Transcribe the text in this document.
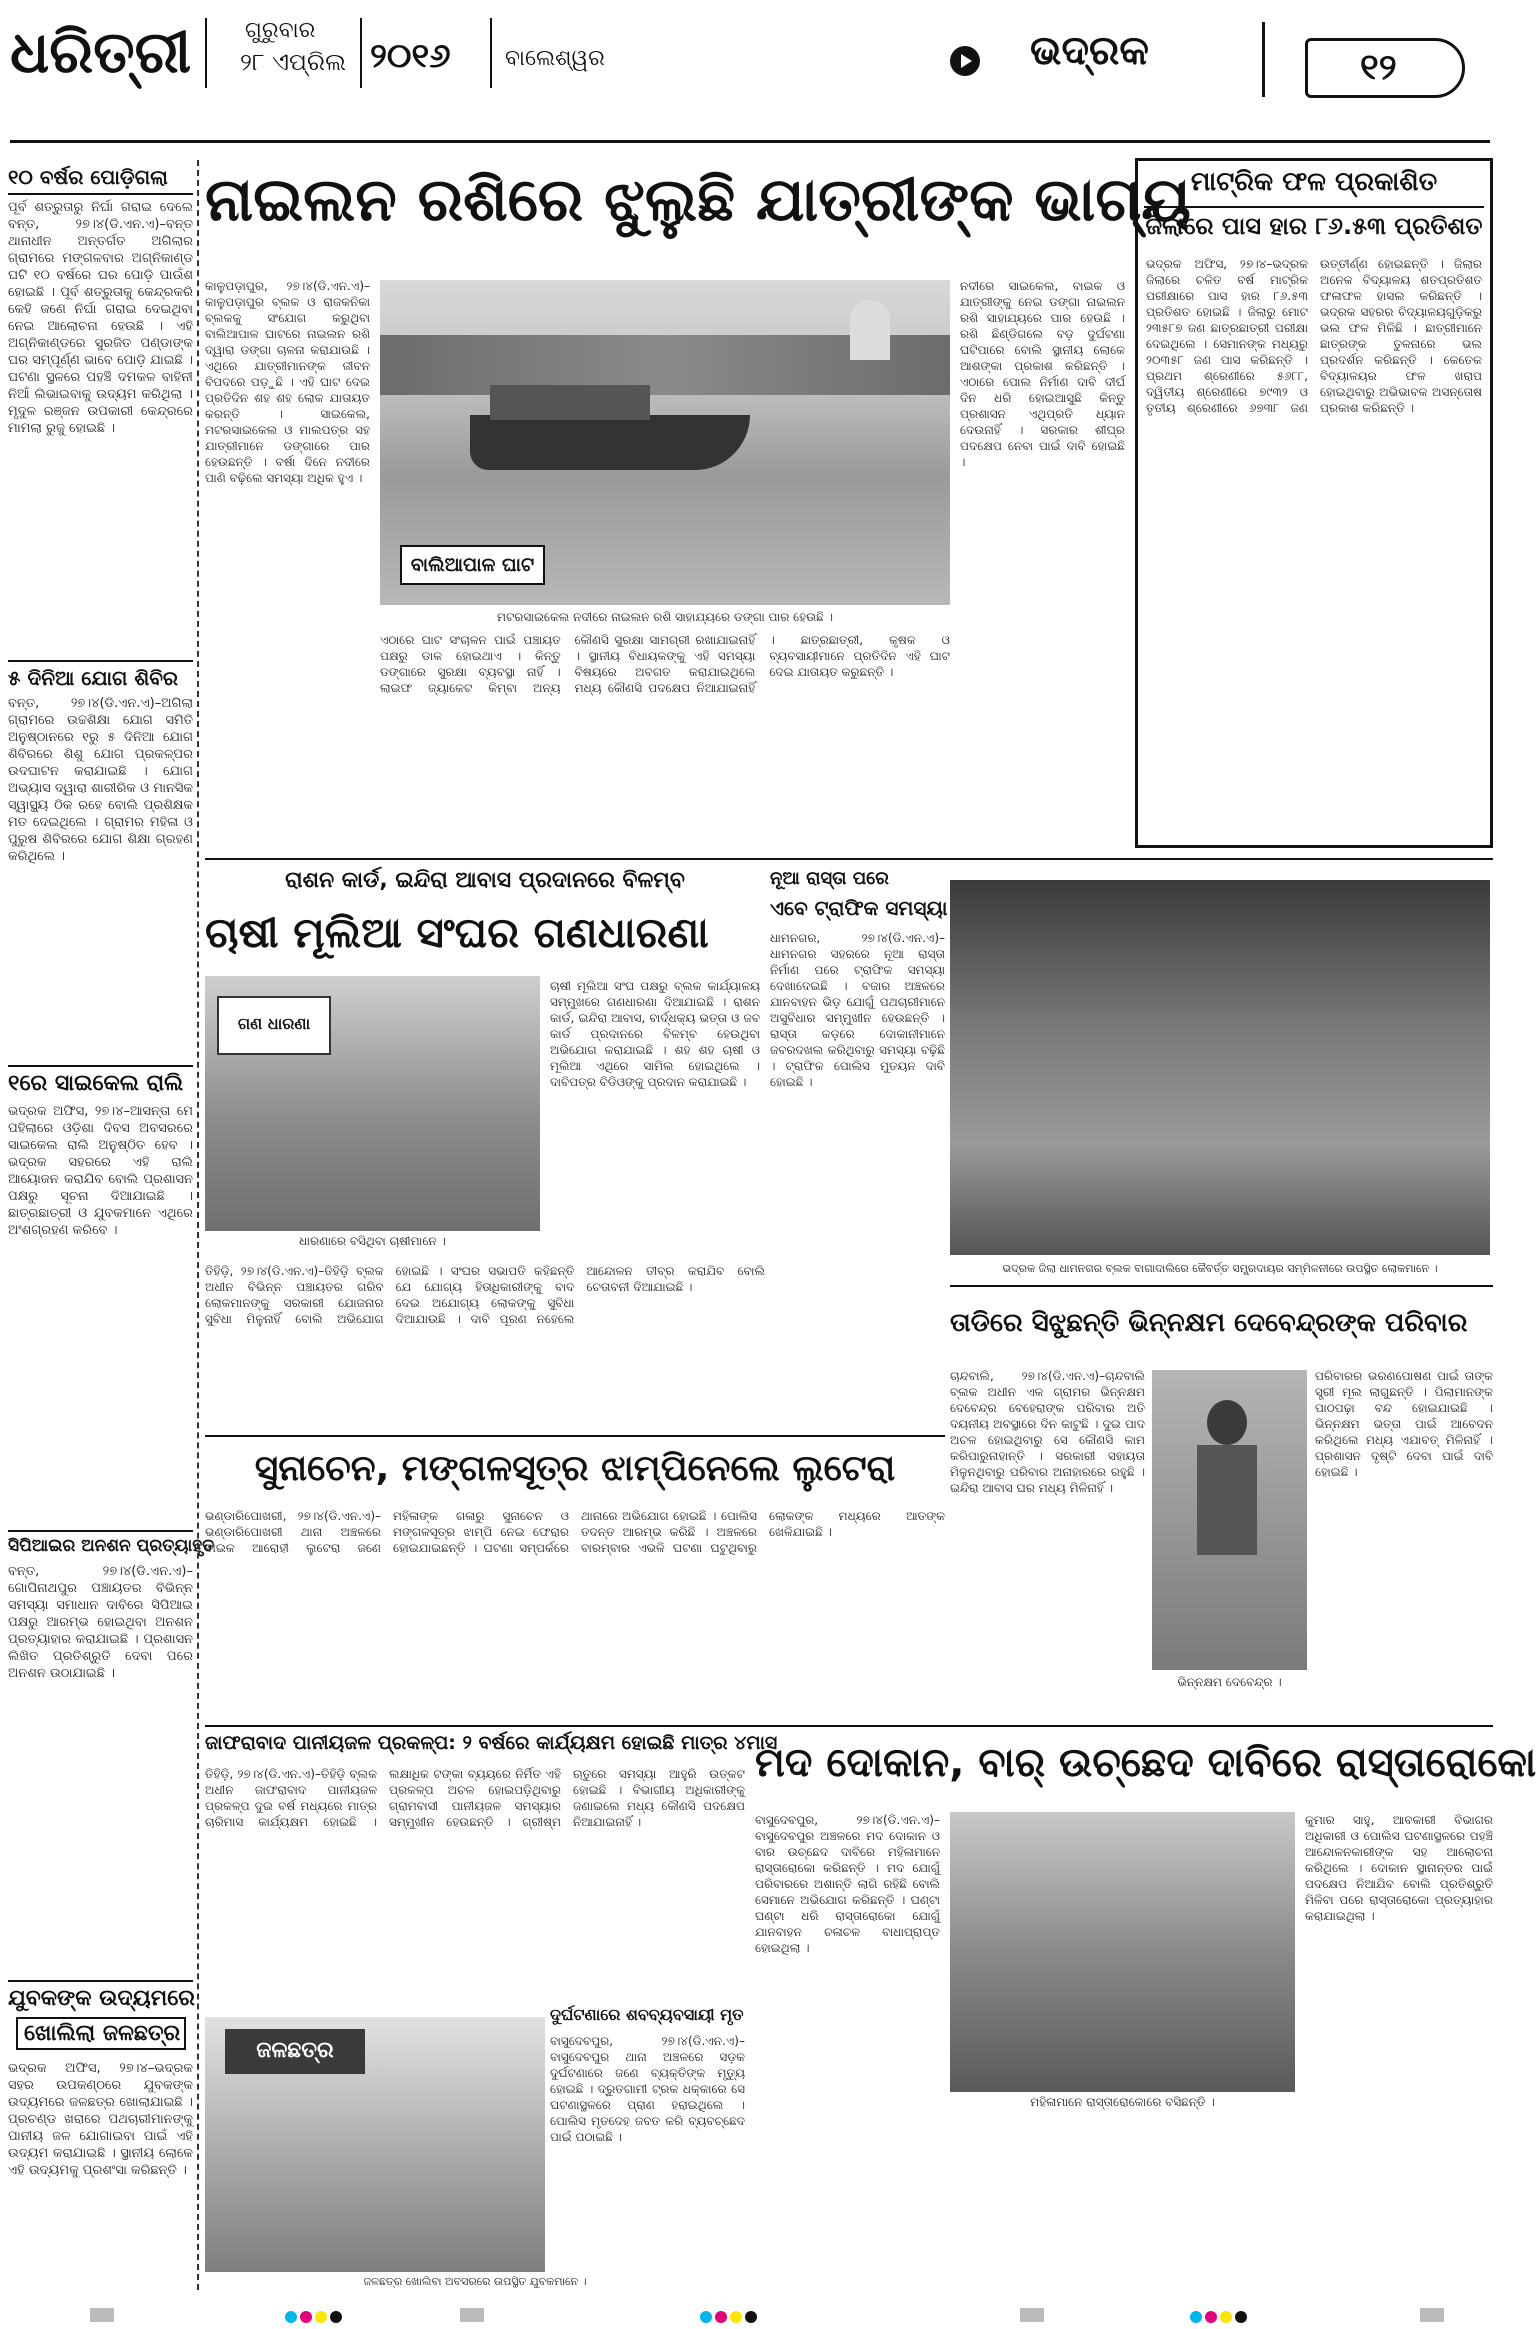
ଧରିତ୍ରୀ ଗୁରୁବାର
୨୮ ଏପ୍ରିଲ ୨୦୧୬ ବାଲେଶ୍ୱର	ଭଦ୍ରକ	୧୨
୧୦ ବର୍ଷର ପୋଡ଼ିଗଲା
ପୂର୍ବ ଶତ୍ରୁତାରୁ ନିର୍ଘା ଗରାଇ ଦେଲେ ବନ୍ତ, ୨୭।୪(ଡି.ଏନ.ଏ)–ବନ୍ତ ଥାନାଧୀନ ଅନ୍ତର୍ଗତ ଅଗିଲାର ଗ୍ରାମରେ ମଙ୍ଗଳବାର ଅଗ୍ନିକାଣ୍ଡ ଘଟି ୧୦ ବର୍ଷରେ ଘର ପୋଡ଼ି ପାଉଁଶ ହୋଇଛି । ପୂର୍ବ ଶତ୍ରୁତାକୁ କେନ୍ଦ୍ରକରି କେହି ଜଣେ ନିର୍ଘା ଗରାଇ ଦେଇଥିବା ନେଇ ଆଲୋଚନା ହେଉଛି । ଏହି ଅଗ୍ନିକାଣ୍ଡରେ ସୁରଜିତ ପଣ୍ଡାଙ୍କ ଘର ସମ୍ପୂର୍ଣ୍ଣ ଭାବେ ପୋଡ଼ି ଯାଇଛି । ଘଟଣା ସ୍ଥଳରେ ପହଞ୍ଚି ଦମକଳ ବାହିନୀ ନିଆଁ ଲିଭାଇବାକୁ ଉଦ୍ୟମ କରିଥିଲା । ମୃଦୁଳ ରଞ୍ଜନ ଉପକାରୀ କେନ୍ଦ୍ରରେ ମାମଲା ରୁଜୁ ହୋଇଛି ।
୫ ଦିନିଆ ଯୋଗ ଶିବିର
ବନ୍ତ, ୨୭।୪(ଡି.ଏନ.ଏ)–ଅଗିଲା ଗ୍ରାମରେ ଉଚ୍ଚଶିକ୍ଷା ଯୋଗ ସମିତି ଅନୁଷ୍ଠାନରେ ୧ରୁ ୫ ଦିନିଆ ଯୋଗ ଶିବିରରେ ଶିଶୁ ଯୋଗ ପ୍ରକଳ୍ପର ଉଦଘାଟନ କରାଯାଇଛି । ଯୋଗ ଅଭ୍ୟାସ ଦ୍ୱାରା ଶାରୀରିକ ଓ ମାନସିକ ସ୍ୱାସ୍ଥ୍ୟ ଠିକ ରହେ ବୋଲି ପ୍ରଶିକ୍ଷକ ମତ ଦେଇଥିଲେ । ଗ୍ରାମର ମହିଳା ଓ ପୁରୁଷ ଶିବିରରେ ଯୋଗ ଶିକ୍ଷା ଗ୍ରହଣ କରିଥିଲେ ।
୧ରେ ସାଇକେଲ ରାଲି
ଭଦ୍ରକ ଅଫିସ, ୨୭।୪–ଆସନ୍ତା ମେ ପହିଲାରେ ଓଡ଼ିଶା ଦିବସ ଅବସରରେ ସାଇକେଲ ରାଲି ଅନୁଷ୍ଠିତ ହେବ । ଭଦ୍ରକ ସହରରେ ଏହି ରାଲି ଆୟୋଜନ କରାଯିବ ବୋଲି ପ୍ରଶାସନ ପକ୍ଷରୁ ସୂଚନା ଦିଆଯାଇଛି । ଛାତ୍ରଛାତ୍ରୀ ଓ ଯୁବକମାନେ ଏଥିରେ ଅଂଶଗ୍ରହଣ କରିବେ ।
ସିପିଆଇର ଅନଶନ ପ୍ରତ୍ୟାହୃତ
ବନ୍ତ, ୨୭।୪(ଡି.ଏନ.ଏ)–ଗୋପିନାଥପୁର ପଞ୍ଚାୟତର ବିଭିନ୍ନ ସମସ୍ୟା ସମାଧାନ ଦାବିରେ ସିପିଆଇ ପକ୍ଷରୁ ଆରମ୍ଭ ହୋଇଥିବା ଅନଶନ ପ୍ରତ୍ୟାହାର କରାଯାଇଛି । ପ୍ରଶାସନ ଲିଖିତ ପ୍ରତିଶ୍ରୁତି ଦେବା ପରେ ଅନଶନ ଉଠାଯାଇଛି ।
ଯୁବକଙ୍କ ଉଦ୍ୟମରେ
ଖୋଲିଲା ଜଳଛତ୍ର
ଭଦ୍ରକ ଅଫିସ, ୨୭।୪–ଭଦ୍ରକ ସହର ଉପକଣ୍ଠରେ ଯୁବକଙ୍କ ଉଦ୍ୟମରେ ଜଳଛତ୍ର ଖୋଲାଯାଇଛି । ପ୍ରଚଣ୍ଡ ଖରାରେ ପଥଚାରୀମାନଙ୍କୁ ପାନୀୟ ଜଳ ଯୋଗାଇବା ପାଇଁ ଏହି ଉଦ୍ୟମ କରାଯାଇଛି । ସ୍ଥାନୀୟ ଲୋକେ ଏହି ଉଦ୍ୟମକୁ ପ୍ରଶଂସା କରିଛନ୍ତି ।
ନାଇଲନ ରଶିରେ ଝୁଲୁଛି ଯାତ୍ରୀଙ୍କ ଭାଗ୍ୟ
ବାଲିଆପାଳ ଘାଟ
କାଳୁପଡ଼ାପୁର, ୨୭।୪(ଡି.ଏନ.ଏ)–କାଳୁପଡ଼ାପୁର ବ୍ଲକ ଓ ରାଜକନିକା ବ୍ଲକକୁ ସଂଯୋଗ କରୁଥିବା ବାଲିଆପାଳ ଘାଟରେ ନାଇଲନ ରଶି ଦ୍ୱାରା ଡଙ୍ଗା ଚାଳନା କରାଯାଉଛି । ଏଥିରେ ଯାତ୍ରୀମାନଙ୍କ ଜୀବନ ବିପଦରେ ପଡ଼ୁଛି । ଏହି ଘାଟ ଦେଇ ପ୍ରତିଦିନ ଶହ ଶହ ଲୋକ ଯାତାୟତ କରନ୍ତି । ସାଇକେଲ, ମଟରସାଇକେଲ ଓ ମାଲପତ୍ର ସହ ଯାତ୍ରୀମାନେ ଡଙ୍ଗାରେ ପାର ହେଉଛନ୍ତି । ବର୍ଷା ଦିନେ ନଦୀରେ ପାଣି ବଢ଼ିଲେ ସମସ୍ୟା ଅଧିକ ହୁଏ ।
ନଦୀରେ ସାଇକେଲ, ବାଇକ ଓ ଯାତ୍ରୀଙ୍କୁ ନେଇ ଡଙ୍ଗା ନାଇଲନ ରଶି ସାହାଯ୍ୟରେ ପାର ହେଉଛି । ରଶି ଛିଣ୍ଡିଗଲେ ବଡ଼ ଦୁର୍ଘଟଣା ଘଟିପାରେ ବୋଲି ସ୍ଥାନୀୟ ଲୋକେ ଆଶଙ୍କା ପ୍ରକାଶ କରିଛନ୍ତି । ଏଠାରେ ପୋଲ ନିର୍ମାଣ ଦାବି ଦୀର୍ଘ ଦିନ ଧରି ହୋଇଆସୁଛି କିନ୍ତୁ ପ୍ରଶାସନ ଏଥିପ୍ରତି ଧ୍ୟାନ ଦେଉନାହିଁ । ସରକାର ଶୀଘ୍ର ପଦକ୍ଷେପ ନେବା ପାଇଁ ଦାବି ହୋଇଛି ।
ମଟରସାଇକେଲ ନଦୀରେ ନାଇଲନ ରଶି ସାହାଯ୍ୟରେ ଡଙ୍ଗା ପାର ହେଉଛି ।
ଏଠାରେ ଘାଟ ସଂଚାଳନ ପାଇଁ ପଞ୍ଚାୟତ ପକ୍ଷରୁ ଡାକ ହୋଇଥାଏ । କିନ୍ତୁ ଡଙ୍ଗାରେ ସୁରକ୍ଷା ବ୍ୟବସ୍ଥା ନାହିଁ । ଲାଇଫ ଜ୍ୟାକେଟ କିମ୍ବା ଅନ୍ୟ କୌଣସି ସୁରକ୍ଷା ସାମଗ୍ରୀ ରଖାଯାଇନାହିଁ । ସ୍ଥାନୀୟ ବିଧାୟକଙ୍କୁ ଏହି ସମସ୍ୟା ବିଷୟରେ ଅବଗତ କରାଯାଇଥିଲେ ମଧ୍ୟ କୌଣସି ପଦକ୍ଷେପ ନିଆଯାଇନାହିଁ । ଛାତ୍ରଛାତ୍ରୀ, କୃଷକ ଓ ବ୍ୟବସାୟୀମାନେ ପ୍ରତିଦିନ ଏହି ଘାଟ ଦେଇ ଯାତାୟତ କରୁଛନ୍ତି ।
ମାଟ୍ରିକ ଫଳ ପ୍ରକାଶିତ
ଜିଲାରେ ପାସ ହାର ୮୬.୫୩ ପ୍ରତିଶତ
ଭଦ୍ରକ ଅଫିସ, ୨୭।୪–ଭଦ୍ରକ ଜିଲାରେ ଚଳିତ ବର୍ଷ ମାଟ୍ରିକ ପରୀକ୍ଷାରେ ପାସ ହାର ୮୬.୫୩ ପ୍ରତିଶତ ହୋଇଛି । ଜିଲାରୁ ମୋଟ ୨୩୫୮୭ ଜଣ ଛାତ୍ରଛାତ୍ରୀ ପରୀକ୍ଷା ଦେଇଥିଲେ । ସେମାନଙ୍କ ମଧ୍ୟରୁ ୨୦୩୫୮ ଜଣ ପାସ କରିଛନ୍ତି । ପ୍ରଥମ ଶ୍ରେଣୀରେ ୫୬୮୮, ଦ୍ୱିତୀୟ ଶ୍ରେଣୀରେ ୭୯୩୨ ଓ ତୃତୀୟ ଶ୍ରେଣୀରେ ୬୭୩୮ ଜଣ ଉତ୍ତୀର୍ଣ୍ଣ ହୋଇଛନ୍ତି । ଜିଲାର ଅନେକ ବିଦ୍ୟାଳୟ ଶତପ୍ରତିଶତ ଫଳାଫଳ ହାସଲ କରିଛନ୍ତି । ଭଦ୍ରକ ସହରର ବିଦ୍ୟାଳୟଗୁଡ଼ିକରୁ ଭଲ ଫଳ ମିଳିଛି । ଛାତ୍ରୀମାନେ ଛାତ୍ରଙ୍କ ତୁଳନାରେ ଭଲ ପ୍ରଦର୍ଶନ କରିଛନ୍ତି । କେତେକ ବିଦ୍ୟାଳୟର ଫଳ ଖରାପ ହୋଇଥିବାରୁ ଅଭିଭାବକ ଅସନ୍ତୋଷ ପ୍ରକାଶ କରିଛନ୍ତି ।
ରାଶନ କାର୍ଡ, ଇନ୍ଦିରା ଆବାସ ପ୍ରଦାନରେ ବିଳମ୍ବ
ଚାଷୀ ମୂଲିଆ ସଂଘର ଗଣଧାରଣା
ଗଣ ଧାରଣା
ଧାରଣାରେ ବସିଥିବା ଚାଷୀମାନେ ।
ଚାଷୀ ମୂଲିଆ ସଂଘ ପକ୍ଷରୁ ବ୍ଲକ କାର୍ଯ୍ୟାଳୟ ସମ୍ମୁଖରେ ଗଣଧାରଣା ଦିଆଯାଇଛି । ରାଶନ କାର୍ଡ, ଇନ୍ଦିରା ଆବାସ, ବାର୍ଦ୍ଧକ୍ୟ ଭତ୍ତା ଓ ଜବ କାର୍ଡ ପ୍ରଦାନରେ ବିଳମ୍ବ ହେଉଥିବା ଅଭିଯୋଗ କରାଯାଇଛି । ଶହ ଶହ ଚାଷୀ ଓ ମୂଲିଆ ଏଥିରେ ସାମିଲ ହୋଇଥିଲେ । ଦାବିପତ୍ର ବିଡିଓଙ୍କୁ ପ୍ରଦାନ କରାଯାଇଛି ।
ତିହିଡ଼ି, ୨୭।୪(ଡି.ଏନ.ଏ)–ତିହିଡ଼ି ବ୍ଲକ ଅଧୀନ ବିଭିନ୍ନ ପଞ୍ଚାୟତର ଗରିବ ଲୋକମାନଙ୍କୁ ସରକାରୀ ଯୋଜନାର ସୁବିଧା ମିଳୁନାହିଁ ବୋଲି ଅଭିଯୋଗ ହୋଇଛି । ସଂଘର ସଭାପତି କହିଛନ୍ତି ଯେ ଯୋଗ୍ୟ ହିତାଧିକାରୀଙ୍କୁ ବାଦ ଦେଇ ଅଯୋଗ୍ୟ ଲୋକଙ୍କୁ ସୁବିଧା ଦିଆଯାଉଛି । ଦାବି ପୂରଣ ନହେଲେ ଆନ୍ଦୋଳନ ତୀବ୍ର କରାଯିବ ବୋଲି ଚେତାବନୀ ଦିଆଯାଇଛି ।
ନୂଆ ରାସ୍ତା ପରେ
ଏବେ ଟ୍ରାଫିକ ସମସ୍ୟା
ଧାମନଗର, ୨୭।୪(ଡି.ଏନ.ଏ)–ଧାମନଗର ସହରରେ ନୂଆ ରାସ୍ତା ନିର୍ମାଣ ପରେ ଟ୍ରାଫିକ ସମସ୍ୟା ଦେଖାଦେଇଛି । ବଜାର ଅଞ୍ଚଳରେ ଯାନବାହନ ଭିଡ଼ ଯୋଗୁଁ ପଥଚାରୀମାନେ ଅସୁବିଧାର ସମ୍ମୁଖୀନ ହେଉଛନ୍ତି । ରାସ୍ତା କଡ଼ରେ ଦୋକାନୀମାନେ ଜବରଦଖଲ କରିଥିବାରୁ ସମସ୍ୟା ବଢ଼ିଛି । ଟ୍ରାଫିକ ପୋଲିସ ମୁତୟନ ଦାବି ହୋଇଛି ।
ଭଦ୍ରକ ଜିଲା ଧାମନଗର ବ୍ଲକ ବାଗାଦାଲିରେ କୈବର୍ତ୍ତ ସମ୍ପ୍ରଦାୟର ସମ୍ମିଳନୀରେ ଉପସ୍ଥିତ ଲୋକମାନେ ।
ସୁନାଚେନ, ମଙ୍ଗଳସୂତ୍ର ଝାମ୍ପିନେଲେ ଲୁଟେରା
ଭଣ୍ଡାରିପୋଖରୀ, ୨୭।୪(ଡି.ଏନ.ଏ)–ଭଣ୍ଡାରିପୋଖରୀ ଥାନା ଅଞ୍ଚଳରେ ବାଇକ ଆରୋହୀ ଲୁଟେରା ଜଣେ ମହିଳାଙ୍କ ଗଳାରୁ ସୁନାଚେନ ଓ ମଙ୍ଗଳସୂତ୍ର ଝାମ୍ପି ନେଇ ଫେରାର ହୋଇଯାଇଛନ୍ତି । ଘଟଣା ସମ୍ପର୍କରେ ଥାନାରେ ଅଭିଯୋଗ ହୋଇଛି । ପୋଲିସ ତଦନ୍ତ ଆରମ୍ଭ କରିଛି । ଅଞ୍ଚଳରେ ବାରମ୍ବାର ଏଭଳି ଘଟଣା ଘଟୁଥିବାରୁ ଲୋକଙ୍କ ମଧ୍ୟରେ ଆତଙ୍କ ଖେଳିଯାଇଛି ।
ତାଡିରେ ସିଝୁଛନ୍ତି ଭିନ୍ନକ୍ଷମ ଦେବେନ୍ଦ୍ରଙ୍କ ପରିବାର
ଚାନ୍ଦବାଲି, ୨୭।୪(ଡି.ଏନ.ଏ)–ଚାନ୍ଦବାଲି ବ୍ଲକ ଅଧୀନ ଏକ ଗ୍ରାମର ଭିନ୍ନକ୍ଷମ ଦେବେନ୍ଦ୍ର ବେହେରାଙ୍କ ପରିବାର ଅତି ଦୟନୀୟ ଅବସ୍ଥାରେ ଦିନ କାଟୁଛି । ଦୁଇ ପାଦ ଅଚଳ ହୋଇଥିବାରୁ ସେ କୌଣସି କାମ କରିପାରୁନାହାନ୍ତି । ସରକାରୀ ସହାୟତା ମିଳୁନଥିବାରୁ ପରିବାର ଅନାହାରରେ ରହୁଛି । ଇନ୍ଦିରା ଆବାସ ଘର ମଧ୍ୟ ମିଳିନାହିଁ ।
ଭିନ୍ନକ୍ଷମ ଦେବେନ୍ଦ୍ର ।
ପରିବାରର ଭରଣପୋଷଣ ପାଇଁ ତାଙ୍କ ସ୍ତ୍ରୀ ମୂଲ ଲାଗୁଛନ୍ତି । ପିଲାମାନଙ୍କ ପାଠପଢ଼ା ବନ୍ଦ ହୋଇଯାଇଛି । ଭିନ୍ନକ୍ଷମ ଭତ୍ତା ପାଇଁ ଆବେଦନ କରିଥିଲେ ମଧ୍ୟ ଏଯାବତ୍ ମିଳିନାହିଁ । ପ୍ରଶାସନ ଦୃଷ୍ଟି ଦେବା ପାଇଁ ଦାବି ହୋଇଛି ।
ଜାଫରାବାଦ ପାନୀୟଜଳ ପ୍ରକଳ୍ପ: ୨ ବର୍ଷରେ କାର୍ଯ୍ୟକ୍ଷମ ହୋଇଛି ମାତ୍ର ୪ମାସ
ତିହିଡ଼ି, ୨୭।୪(ଡି.ଏନ.ଏ)–ତିହିଡ଼ି ବ୍ଲକ ଅଧୀନ ଜାଫରାବାଦ ପାନୀୟଜଳ ପ୍ରକଳ୍ପ ଦୁଇ ବର୍ଷ ମଧ୍ୟରେ ମାତ୍ର ଚାରିମାସ କାର୍ଯ୍ୟକ୍ଷମ ହୋଇଛି । ଲକ୍ଷାଧିକ ଟଙ୍କା ବ୍ୟୟରେ ନିର୍ମିତ ଏହି ପ୍ରକଳ୍ପ ଅଚଳ ହୋଇପଡ଼ିଥିବାରୁ ଗ୍ରାମବାସୀ ପାନୀୟଜଳ ସମସ୍ୟାର ସମ୍ମୁଖୀନ ହେଉଛନ୍ତି । ଗ୍ରୀଷ୍ମ ଋତୁରେ ସମସ୍ୟା ଆହୁରି ଉତ୍କଟ ହୋଇଛି । ବିଭାଗୀୟ ଅଧିକାରୀଙ୍କୁ ଜଣାଇଲେ ମଧ୍ୟ କୌଣସି ପଦକ୍ଷେପ ନିଆଯାଇନାହିଁ ।
ଜଳଛତ୍ର
ଜଳଛତ୍ର ଖୋଲିବା ଅବସରରେ ଉପସ୍ଥିତ ଯୁବକମାନେ ।
ଦୁର୍ଘଟଣାରେ ଶବବ୍ୟବସାୟୀ ମୃତ
ବାସୁଦେବପୁର, ୨୭।୪(ଡି.ଏନ.ଏ)–ବାସୁଦେବପୁର ଥାନା ଅଞ୍ଚଳରେ ସଡ଼କ ଦୁର୍ଘଟଣାରେ ଜଣେ ବ୍ୟକ୍ତିଙ୍କ ମୃତ୍ୟୁ ହୋଇଛି । ଦ୍ରୁତଗାମୀ ଟ୍ରକ ଧକ୍କାରେ ସେ ଘଟଣାସ୍ଥଳରେ ପ୍ରାଣ ହରାଇଥିଲେ । ପୋଲିସ ମୃତଦେହ ଜବତ କରି ବ୍ୟବଚ୍ଛେଦ ପାଇଁ ପଠାଇଛି ।
ମଦ ଦୋକାନ, ବାର୍ ଉଚ୍ଛେଦ ଦାବିରେ ରାସ୍ତାରୋକୋ
ବାସୁଦେବପୁର, ୨୭।୪(ଡି.ଏନ.ଏ)–ବାସୁଦେବପୁର ଅଞ୍ଚଳରେ ମଦ ଦୋକାନ ଓ ବାର ଉଚ୍ଛେଦ ଦାବିରେ ମହିଳାମାନେ ରାସ୍ତାରୋକୋ କରିଛନ୍ତି । ମଦ ଯୋଗୁଁ ପରିବାରରେ ଅଶାନ୍ତି ଲାଗି ରହିଛି ବୋଲି ସେମାନେ ଅଭିଯୋଗ କରିଛନ୍ତି । ଘଣ୍ଟା ଘଣ୍ଟା ଧରି ରାସ୍ତାରୋକୋ ଯୋଗୁଁ ଯାନବାହନ ଚଳାଚଳ ବାଧାପ୍ରାପ୍ତ ହୋଇଥିଲା ।
ମହିଳାମାନେ ରାସ୍ତାରୋକୋରେ ବସିଛନ୍ତି ।
କୁମାର ସାହୁ, ଆବକାରୀ ବିଭାଗର ଅଧିକାରୀ ଓ ପୋଲିସ ଘଟଣାସ୍ଥଳରେ ପହଞ୍ଚି ଆନ୍ଦୋଳନକାରୀଙ୍କ ସହ ଆଲୋଚନା କରିଥିଲେ । ଦୋକାନ ସ୍ଥାନାନ୍ତର ପାଇଁ ପଦକ୍ଷେପ ନିଆଯିବ ବୋଲି ପ୍ରତିଶ୍ରୁତି ମିଳିବା ପରେ ରାସ୍ତାରୋକୋ ପ୍ରତ୍ୟାହାର କରାଯାଇଥିଲା ।
